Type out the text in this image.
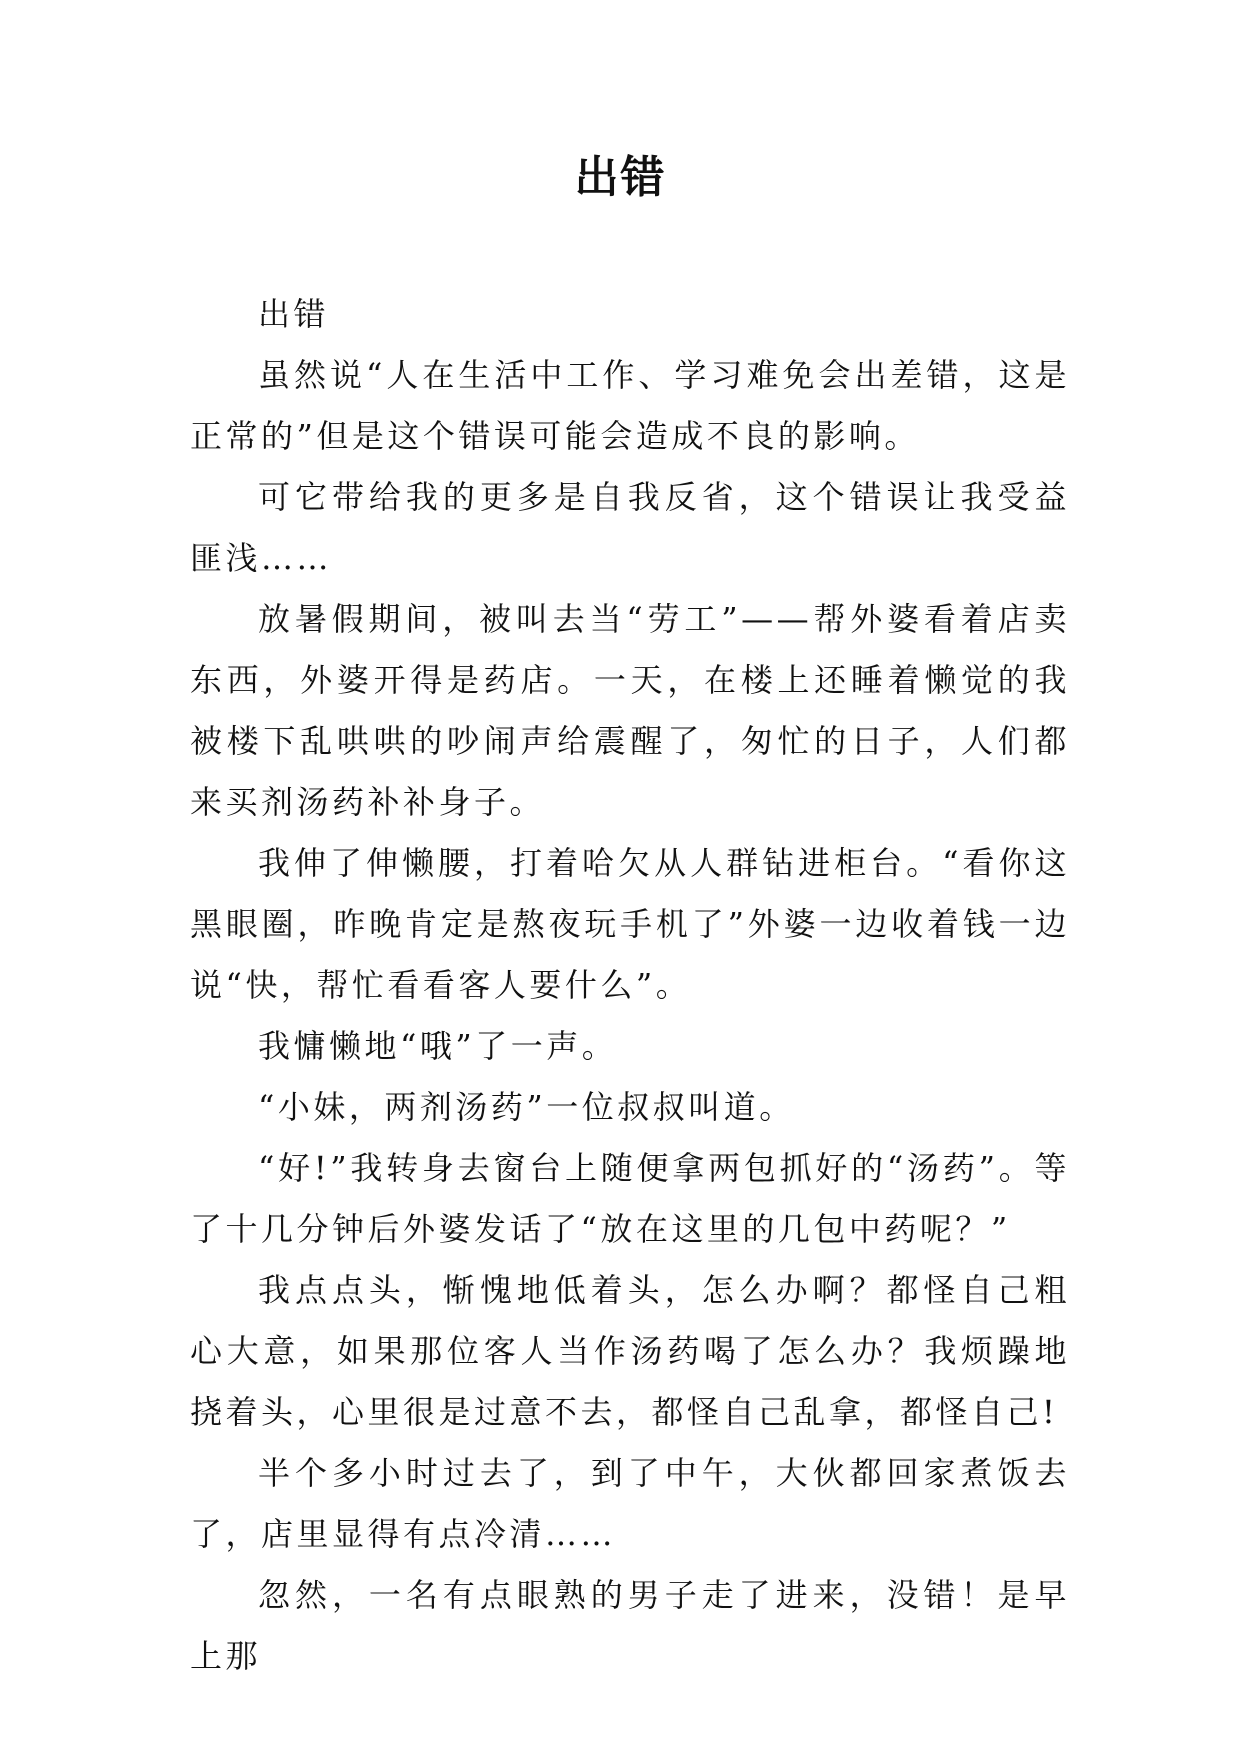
出错

出错

虽然说“人在生活中工作、学习难免会出差错，这是正常的”但是这个错误可能会造成不良的影响。

可它带给我的更多是自我反省，这个错误让我受益匪浅……

放暑假期间，被叫去当“劳工”——帮外婆看着店卖东西，外婆开得是药店。一天，在楼上还睡着懒觉的我被楼下乱哄哄的吵闹声给震醒了，匆忙的日子，人们都来买剂汤药补补身子。

我伸了伸懒腰，打着哈欠从人群钻进柜台。“看你这黑眼圈，昨晚肯定是熬夜玩手机了”外婆一边收着钱一边说“快，帮忙看看客人要什么”。

我慵懒地“哦”了一声。

“小妹，两剂汤药”一位叔叔叫道。

“好!”我转身去窗台上随便拿两包抓好的“汤药”。等了十几分钟后外婆发话了“放在这里的几包中药呢？”

我点点头，惭愧地低着头，怎么办啊？都怪自己粗心大意，如果那位客人当作汤药喝了怎么办？我烦躁地挠着头，心里很是过意不去，都怪自己乱拿，都怪自己!

半个多小时过去了，到了中午，大伙都回家煮饭去了，店里显得有点冷清……

忽然，一名有点眼熟的男子走了进来，没错！是早上那
